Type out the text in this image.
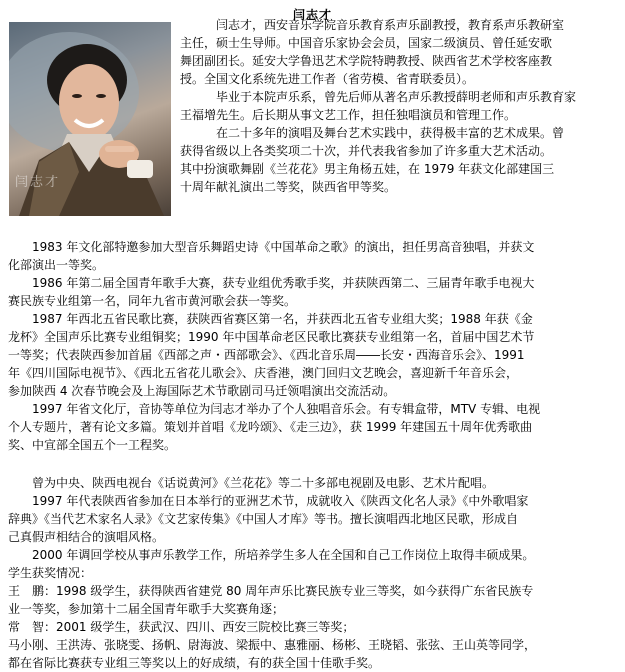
闫志才
闫志才
　　　闫志才，西安音乐学院音乐教育系声乐副教授，教育系声乐教研室
主任，硕士生导师。中国音乐家协会会员，国家二级演员、曾任延安歌
舞团副团长。延安大学鲁迅艺术学院特聘教授、陕西省艺术学校客座教
授。全国文化系统先进工作者（省劳模、省青联委员）。
　　　毕业于本院声乐系，曾先后师从著名声乐教授薛明老师和声乐教育家
王福增先生。后长期从事文艺工作，担任独唱演员和管理工作。
　　　在二十多年的演唱及舞台艺术实践中，获得极丰富的艺术成果。曾
获得省级以上各类奖项二十次，并代表我省参加了许多重大艺术活动。
其中扮演歌舞剧《兰花花》男主角杨五娃，在 1979 年获文化部建国三
十周年献礼演出二等奖，陕西省甲等奖。
　　1983 年文化部特邀参加大型音乐舞蹈史诗《中国革命之歌》的演出，担任男高音独唱，并获文
化部演出一等奖。
　　1986 年第二届全国青年歌手大赛，获专业组优秀歌手奖，并获陕西第二、三届青年歌手电视大
赛民族专业组第一名，同年九省市黄河歌会获一等奖。
　　1987 年西北五省民歌比赛，获陕西省赛区第一名，并获西北五省专业组大奖；1988 年获《金
龙杯》全国声乐比赛专业组铜奖；1990 年中国革命老区民歌比赛获专业组第一名，首届中国艺术节
一等奖；代表陕西参加首届《西部之声・西部歌会》、《西北音乐周――长安・西海音乐会》、1991
年《四川国际电视节》、《西北五省花儿歌会》、庆香港，澳门回归文艺晚会，喜迎新千年音乐会，
参加陕西 4 次春节晚会及上海国际艺术节歌剧司马迁领唱演出交流活动。
　　1997 年省文化厅，音协等单位为闫志才举办了个人独唱音乐会。有专辑盒带，MTV 专辑、电视
个人专题片，著有论文多篇。策划并首唱《龙吟颂》、《走三边》，获 1999 年建国五十周年优秀歌曲
奖、中宣部全国五个一工程奖。
　　曾为中央、陕西电视台《话说黄河》《兰花花》等二十多部电视剧及电影、艺术片配唱。
　　1997 年代表陕西省参加在日本举行的亚洲艺术节，成就收入《陕西文化名人录》《中外歌唱家
辞典》《当代艺术家名人录》《文艺家传集》《中国人才库》等书。擅长演唱西北地区民歌，形成自
己真假声相结合的演唱风格。
　　2000 年调回学校从事声乐教学工作，所培养学生多人在全国和自己工作岗位上取得丰硕成果。
学生获奖情况：
王　鹏：1998 级学生，获得陕西省建党 80 周年声乐比赛民族专业三等奖，如今获得广东省民族专
业一等奖，参加第十二届全国青年歌手大奖赛角逐；
常　智：2001 级学生，获武汉、四川、西安三院校比赛三等奖；
马小刚、王洪涛、张晓雯、扬帆、尉海波、梁振中、惠雅丽、杨彬、王晓韬、张弦、王山英等同学，
都在省际比赛获专业组三等奖以上的好成绩，有的获全国十佳歌手奖。
